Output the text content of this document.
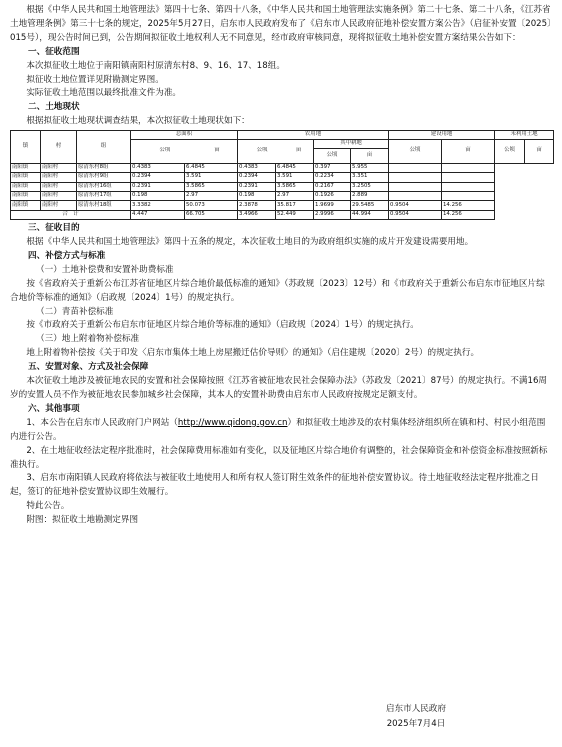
根据《中华人民共和国土地管理法》第四十七条、第四十八条，《中华人民共和国土地管理法实施条例》第二十七条、第二十八条，《江苏省土地管理条例》第三十七条的规定，2025年5月27日，启东市人民政府发布了《启东市人民政府征地补偿安置方案公告》（启征补安置〔2025〕015号），现公告时间已到，公告期间拟征收土地权利人无不同意见，经市政府审核同意，现将拟征收土地补偿安置方案结果公告如下：

一、征收范围

本次拟征收土地位于南阳镇南阳村原清东村8、9、16、17、18组。

拟征收土地位置详见附勘测定界图。

实际征收土地范围以最终批准文件为准。

二、土地现状

根据拟征收土地现状调查结果，本次拟征收土地现状如下：

镇	村	组	总面积	农用地	建设用地	未利用土地

公顷	亩
		公顷	亩
	其中耕地	公顷	亩	公顷	亩
公顷	亩
南阳镇	南阳村	原清东村8组	0.4383	6.4845	0.4383	6.4845	0.397	5.955		
南阳镇	南阳村	原清东村9组	0.2394	3.591	0.2394	3.591	0.2234	3.351		
南阳镇	南阳村	原清东村16组	0.2391	3.5865	0.2391	3.5865	0.2167	3.2505		
南阳镇	南阳村	原清东村17组	0.198	2.97	0.198	2.97	0.1926	2.889		
南阳镇	南阳村	原清东村18组	3.3382	50.073	2.3878	35.817	1.9699	29.5485	0.9504	14.256
合　计	4.447	66.705	3.4966	52.449	2.9996	44.994	0.9504	14.256

三、征收目的

根据《中华人民共和国土地管理法》第四十五条的规定，本次征收土地目的为政府组织实施的成片开发建设需要用地。

四、补偿方式与标准

（一）土地补偿费和安置补助费标准

按《省政府关于重新公布江苏省征地区片综合地价最低标准的通知》（苏政规〔2023〕12号）和《市政府关于重新公布启东市征地区片综合地价等标准的通知》（启政规〔2024〕1号）的规定执行。

（二）青苗补偿标准

按《市政府关于重新公布启东市征地区片综合地价等标准的通知》（启政规〔2024〕1号）的规定执行。

（三）地上附着物补偿标准

地上附着物补偿按《关于印发〈启东市集体土地上房屋搬迁估价导则〉的通知》（启住建规〔2020〕2号）的规定执行。

五、安置对象、方式及社会保障

本次征收土地涉及被征地农民的安置和社会保障按照《江苏省被征地农民社会保障办法》（苏政发〔2021〕87号）的规定执行。不满16周岁的安置人员不作为被征地农民参加城乡社会保障，其本人的安置补助费由启东市人民政府按规定足额支付。

六、其他事项

1、本公告在启东市人民政府门户网站（http://www.qidong.gov.cn）和拟征收土地涉及的农村集体经济组织所在镇和村、村民小组范围内进行公告。

2、在土地征收经法定程序批准时，社会保障费用标准如有变化，以及征地区片综合地价有调整的，社会保障资金和补偿资金标准按照新标准执行。

3、启东市南阳镇人民政府将依法与被征收土地使用人和所有权人签订附生效条件的征地补偿安置协议。待土地征收经法定程序批准之日起，签订的征地补偿安置协议即生效履行。

特此公告。

附图：拟征收土地勘测定界图

启东市人民政府
2025年7月4日
